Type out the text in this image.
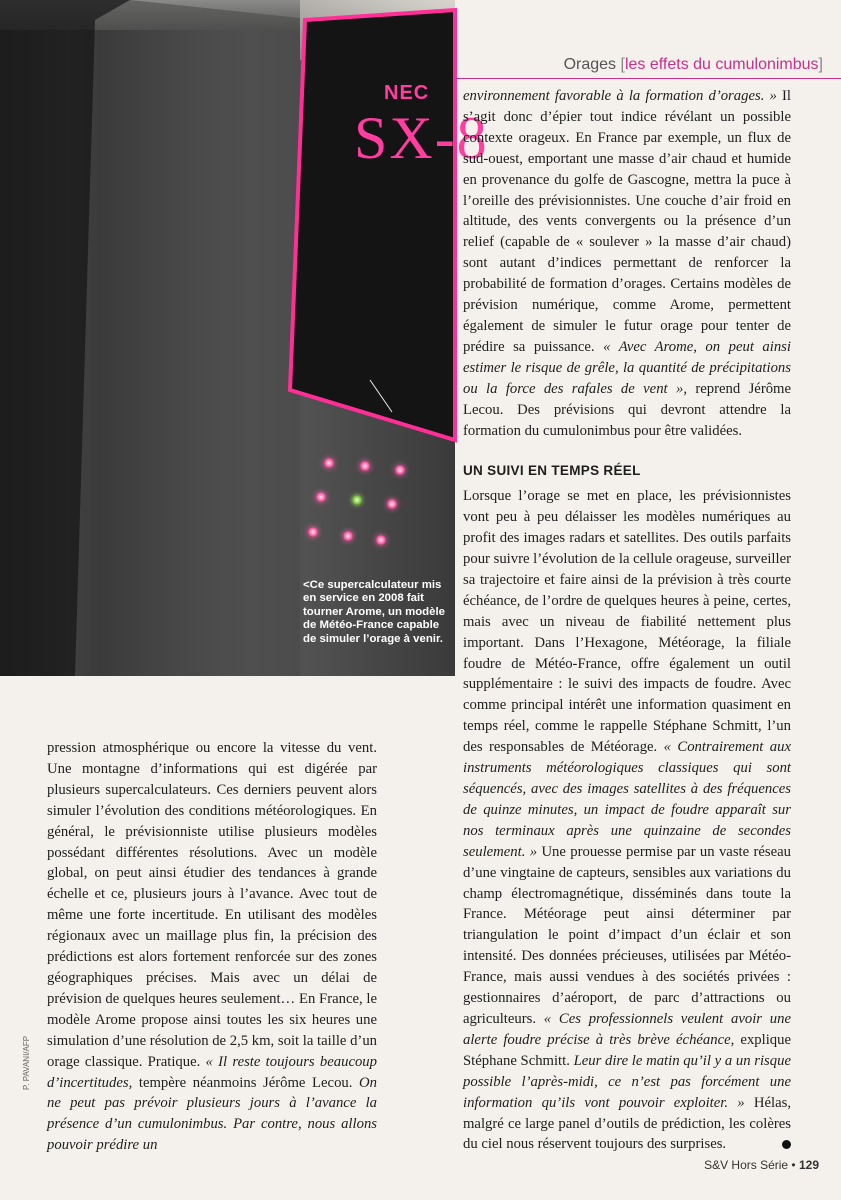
NEC
SX-8
<Ce supercalculateur mis en service en 2008 fait tourner Arome, un modèle de Météo-France capable de simuler l’orage à venir.
Orages [les effets du cumulonimbus]

environnement favorable à la formation d’orages. » Il s’agit donc d’épier tout indice révélant un possible contexte orageux. En France par exemple, un flux de sud-ouest, emportant une masse d’air chaud et humide en provenance du golfe de Gascogne, mettra la puce à l’oreille des prévisionnistes. Une couche d’air froid en altitude, des vents convergents ou la présence d’un relief (capable de « soulever » la masse d’air chaud) sont autant d’indices permettant de renforcer la probabilité de formation d’orages. Certains modèles de prévision numérique, comme Arome, permettent également de simuler le futur orage pour tenter de prédire sa puissance. « Avec Arome, on peut ainsi estimer le risque de grêle, la quantité de précipitations ou la force des rafales de vent », reprend Jérôme Lecou. Des prévisions qui devront attendre la formation du cumulonimbus pour être validées.

UN SUIVI EN TEMPS RÉEL

Lorsque l’orage se met en place, les prévisionnistes vont peu à peu délaisser les modèles numériques au profit des images radars et satellites. Des outils parfaits pour suivre l’évolution de la cellule orageuse, surveiller sa trajectoire et faire ainsi de la prévision à très courte échéance, de l’ordre de quelques heures à peine, certes, mais avec un niveau de fiabilité nettement plus important. Dans l’Hexagone, Météorage, la filiale foudre de Météo-France, offre également un outil supplémentaire : le suivi des impacts de foudre. Avec comme principal intérêt une information quasiment en temps réel, comme le rappelle Stéphane Schmitt, l’un des responsables de Météorage. « Contrairement aux instruments météorologiques classiques qui sont séquencés, avec des images satellites à des fréquences de quinze minutes, un impact de foudre apparaît sur nos terminaux après une quinzaine de secondes seulement. » Une prouesse permise par un vaste réseau d’une vingtaine de capteurs, sensibles aux variations du champ électromagnétique, disséminés dans toute la France. Météorage peut ainsi déterminer par triangulation le point d’impact d’un éclair et son intensité. Des données précieuses, utilisées par Météo-France, mais aussi vendues à des sociétés privées : gestionnaires d’aéroport, de parc d’attractions ou agriculteurs. « Ces professionnels veulent avoir une alerte foudre précise à très brève échéance, explique Stéphane Schmitt. Leur dire le matin qu’il y a un risque possible l’après-midi, ce n’est pas forcément une information qu’ils vont pouvoir exploiter. » Hélas, malgré ce large panel d’outils de prédiction, les colères du ciel nous réservent toujours des surprises.

pression atmosphérique ou encore la vitesse du vent. Une montagne d’informations qui est digérée par plusieurs supercalculateurs. Ces derniers peuvent alors simuler l’évolution des conditions météorologiques. En général, le prévisionniste utilise plusieurs modèles possédant différentes résolutions. Avec un modèle global, on peut ainsi étudier des tendances à grande échelle et ce, plusieurs jours à l’avance. Avec tout de même une forte incertitude. En utilisant des modèles régionaux avec un maillage plus fin, la précision des prédictions est alors fortement renforcée sur des zones géographiques précises. Mais avec un délai de prévision de quelques heures seulement… En France, le modèle Arome propose ainsi toutes les six heures une simulation d’une résolution de 2,5 km, soit la taille d’un orage classique. Pratique. « Il reste toujours beaucoup d’incertitudes, tempère néanmoins Jérôme Lecou. On ne peut pas prévoir plusieurs jours à l’avance la présence d’un cumulonimbus. Par contre, nous allons pouvoir prédire un

P. PAVANI/AFP
S&V Hors Série • 129
